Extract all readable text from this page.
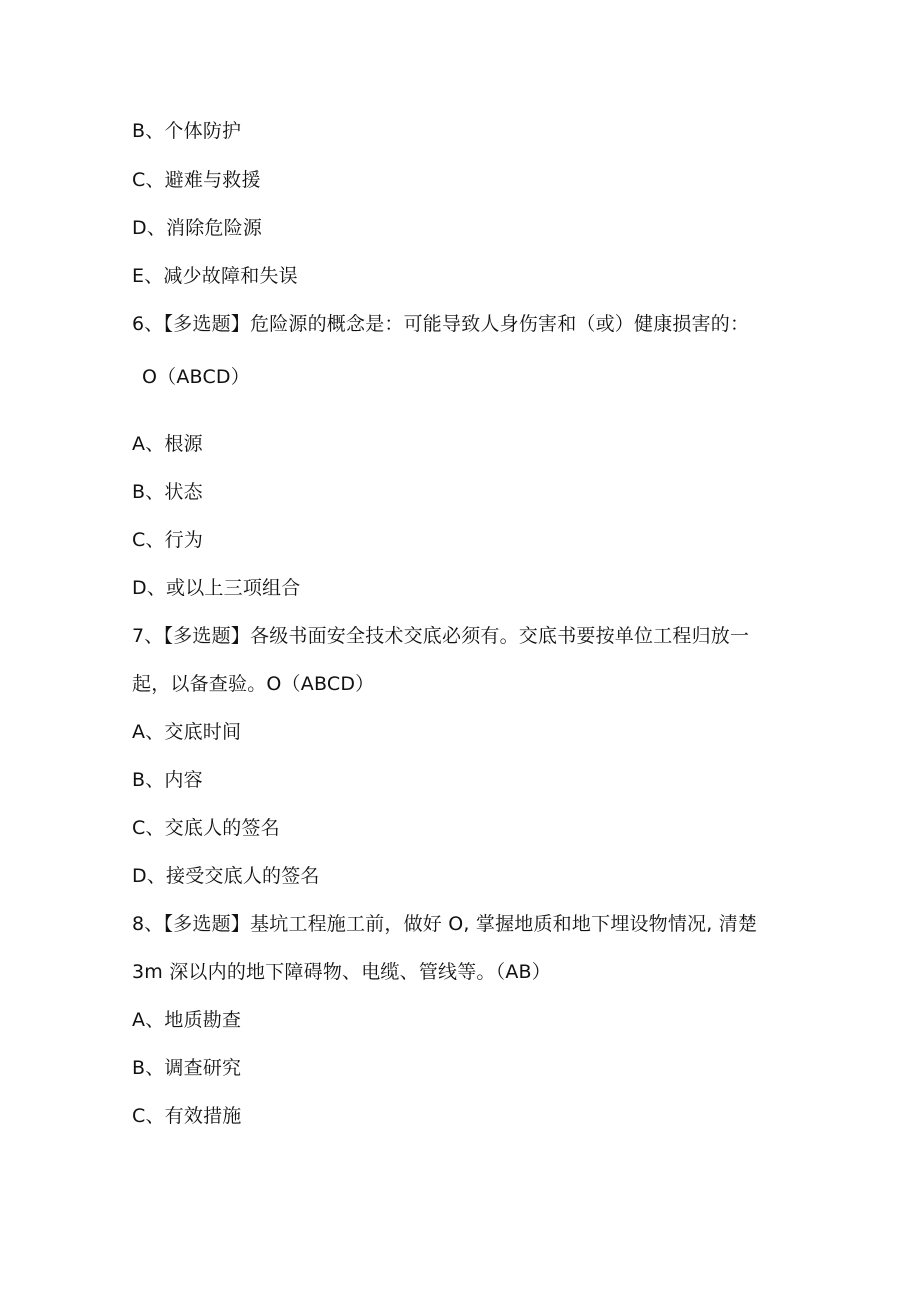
B、个体防护
C、避难与救援
D、消除危险源
E、减少故障和失误
6、【多选题】危险源的概念是：可能导致人身伤害和（或）健康损害的：
O（ABCD）
A、根源
B、状态
C、行为
D、或以上三项组合
7、【多选题】各级书面安全技术交底必须有。交底书要按单位工程归放一
起，以备查验。O（ABCD）
A、交底时间
B、内容
C、交底人的签名
D、接受交底人的签名
8、【多选题】基坑工程施工前，做好 O, 掌握地质和地下埋设物情况, 清楚
3m 深以内的地下障碍物、电缆、管线等。（AB）
A、地质勘查
B、调查研究
C、有效措施
